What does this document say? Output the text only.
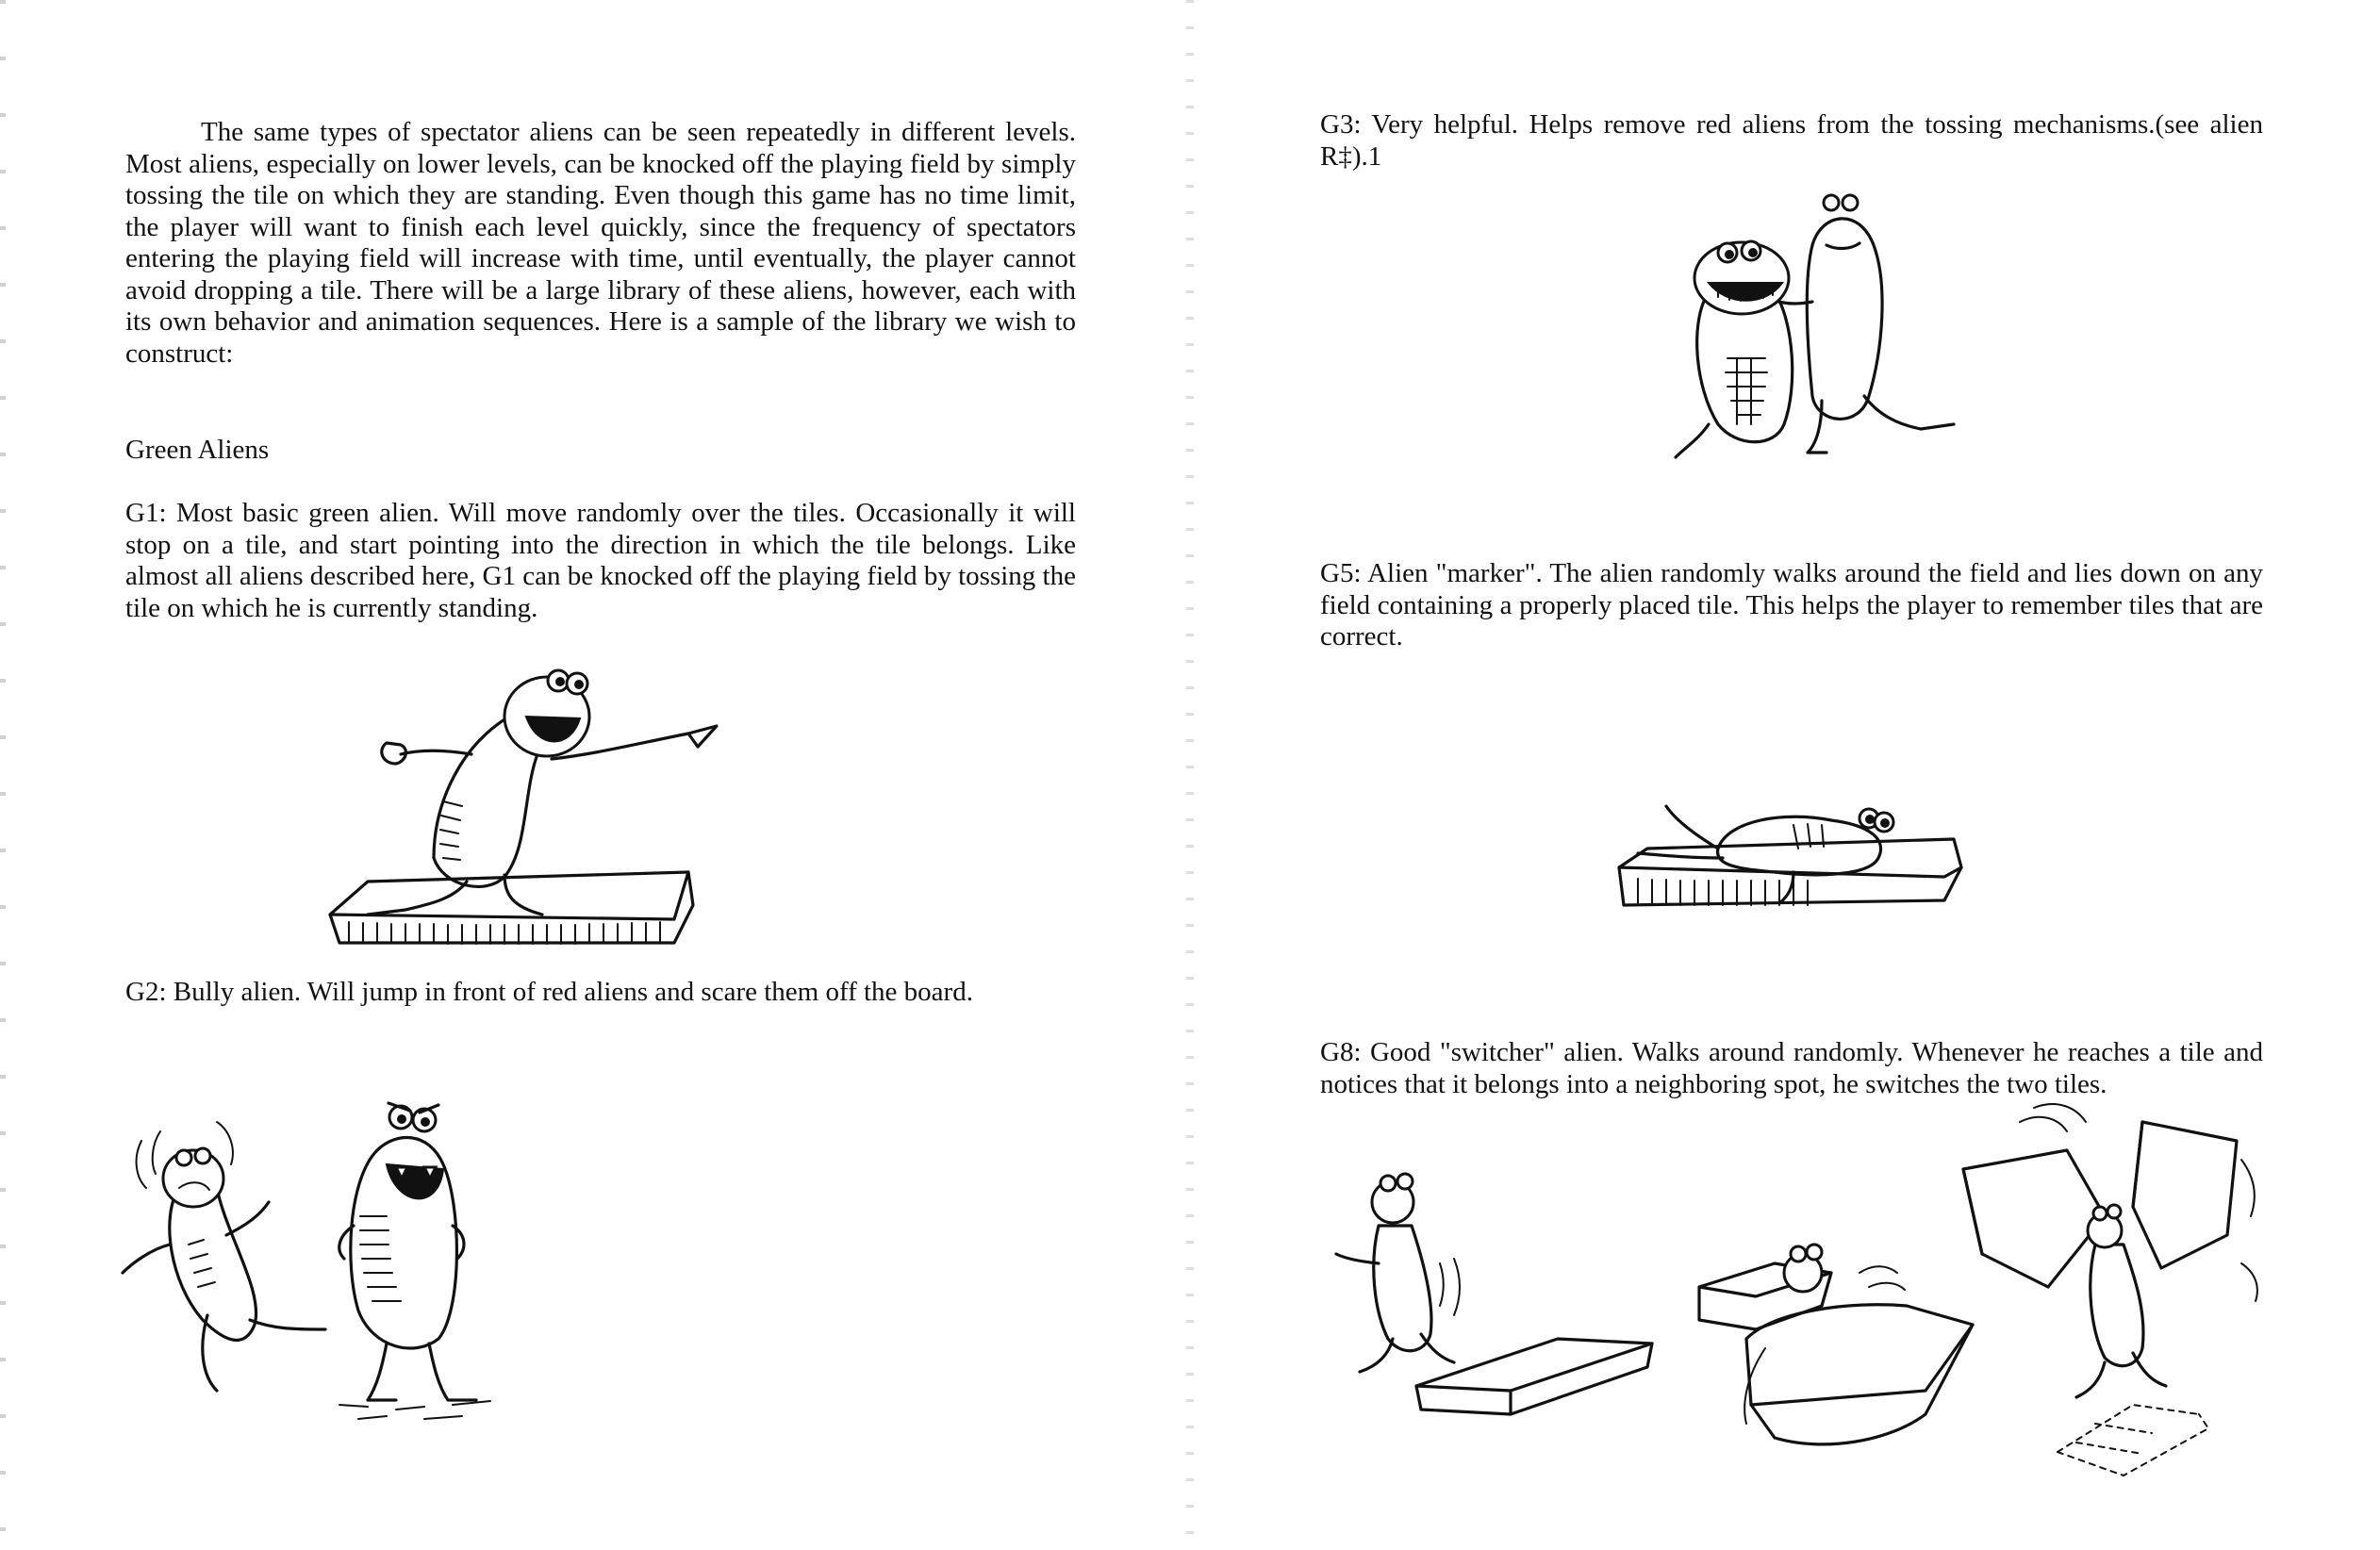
The same types of spectator aliens can be seen repeatedly in different levels. Most aliens, especially on lower levels, can be knocked off the playing field by simply tossing the tile on which they are standing. Even though this game has no time limit, the player will want to finish each level quickly, since the frequency of spectators entering the playing field will increase with time, until eventually, the player cannot avoid dropping a tile. There will be a large library of these aliens, however, each with its own behavior and animation sequences. Here is a sample of the library we wish to construct:

Green Aliens

G1: Most basic green alien. Will move randomly over the tiles. Occasionally it will stop on a tile, and start pointing into the direction in which the tile belongs. Like almost all aliens described here, G1 can be knocked off the playing field by tossing the tile on which he is currently standing.

G2: Bully alien. Will jump in front of red aliens and scare them off the board.

G3: Very helpful. Helps remove red aliens from the tossing mechanisms.(see alien R‡).1

G5: Alien "marker". The alien randomly walks around the field and lies down on any field containing a properly placed tile. This helps the player to remember tiles that are correct.

G8: Good "switcher" alien. Walks around randomly. Whenever he reaches a tile and notices that it belongs into a neighboring spot, he switches the two tiles.
